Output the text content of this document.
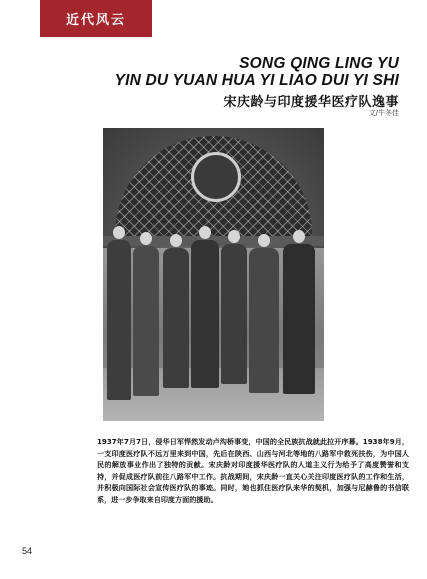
近代风云
SONG QING LING YU
YIN DU YUAN HUA YI LIAO DUI YI SHI
宋庆龄与印度援华医疗队逸事
文/牛冬佳
1937年7月7日，侵华日军悍然发动卢沟桥事变，中国的全民族抗战就此拉开序幕。1938年9月，一支印度医疗队不远万里来到中国，先后在陕西、山西与河北等地的八路军中救死扶伤，为中国人民的解放事业作出了独特的贡献。宋庆龄对印度援华医疗队的人道主义行为给予了高度赞誉和支持，并促成医疗队前往八路军中工作。抗战期间，宋庆龄一直关心关注印度医疗队的工作和生活，并积极向国际社会宣传医疗队的事迹。同时，她也抓住医疗队来华的契机，加强与尼赫鲁的书信联系，进一步争取来自印度方面的援助。
54
